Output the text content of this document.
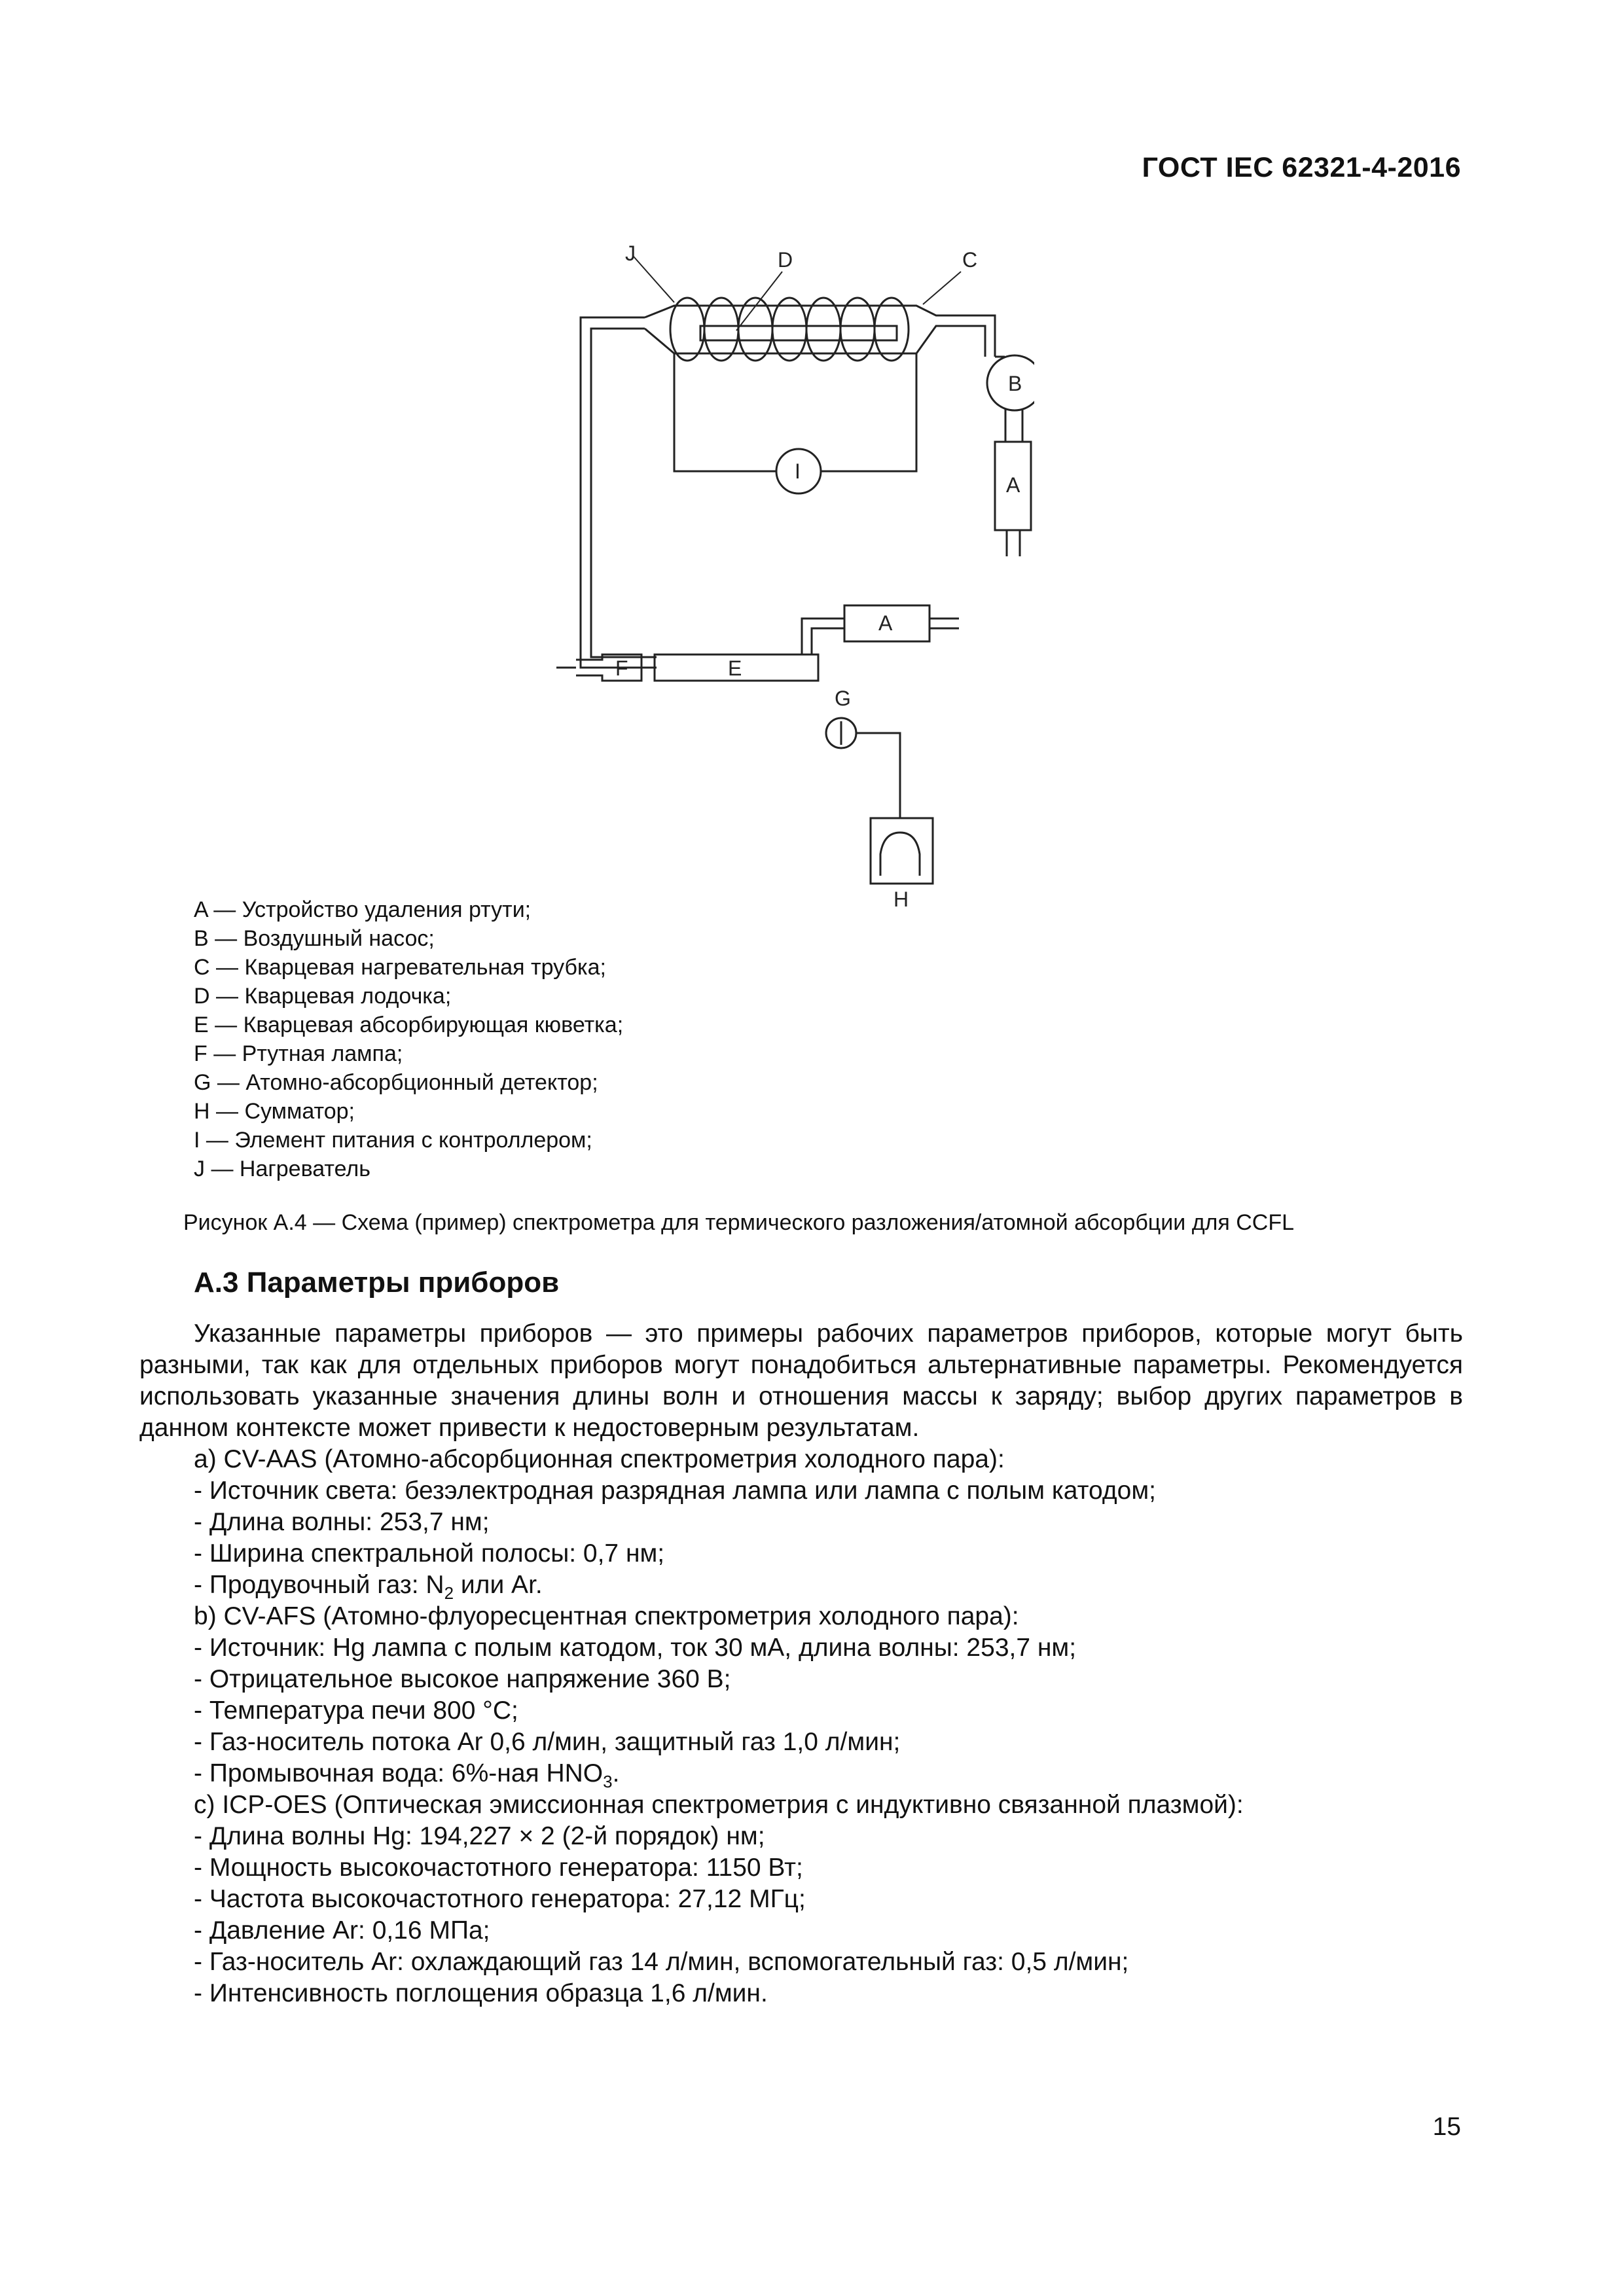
ГОСТ IEC 62321-4-2016
J	D	C
B
A
I
A
G
F	E
H
A — Устройство удаления ртути;
B — Воздушный насос;
C — Кварцевая нагревательная трубка;
D — Кварцевая лодочка;
E — Кварцевая абсорбирующая кюветка;
F — Ртутная лампа;
G — Атомно-абсорбционный детектор;
H — Сумматор;
I — Элемент питания с контроллером;
J — Нагреватель
Рисунок A.4 — Схема (пример) спектрометра для термического разложения/атомной абсорбции для CCFL
A.3 Параметры приборов

Указанные параметры приборов — это примеры рабочих параметров приборов, которые могут быть разными, так как для отдельных приборов могут понадобиться альтернативные параметры. Рекомендуется использовать указанные значения длины волн и отношения массы к заряду; выбор других параметров в данном контексте может привести к недостоверным результатам.

a) CV-AAS (Атомно-абсорбционная спектрометрия холодного пара):
- Источник света: безэлектродная разрядная лампа или лампа с полым катодом;
- Длина волны: 253,7 нм;
- Ширина спектральной полосы: 0,7 нм;
- Продувочный газ: $N_2$ или Ar.
b) CV-AFS (Атомно-флуоресцентная спектрометрия холодного пара):
- Источник: Hg лампа с полым катодом, ток 30 мА, длина волны: 253,7 нм;
- Отрицательное высокое напряжение 360 В;
- Температура печи 800 °С;
- Газ-носитель потока Ar 0,6 л/мин, защитный газ 1,0 л/мин;
- Промывочная вода: 6%-ная $HNO_3$.
c) ICP-OES (Оптическая эмиссионная спектрометрия с индуктивно связанной плазмой):
- Длина волны Hg: 194,227 × 2 (2-й порядок) нм;
- Мощность высокочастотного генератора: 1150 Вт;
- Частота высокочастотного генератора: 27,12 МГц;
- Давление Ar: 0,16 МПа;
- Газ-носитель Ar: охлаждающий газ 14 л/мин, вспомогательный газ: 0,5 л/мин;
- Интенсивность поглощения образца 1,6 л/мин.
15
